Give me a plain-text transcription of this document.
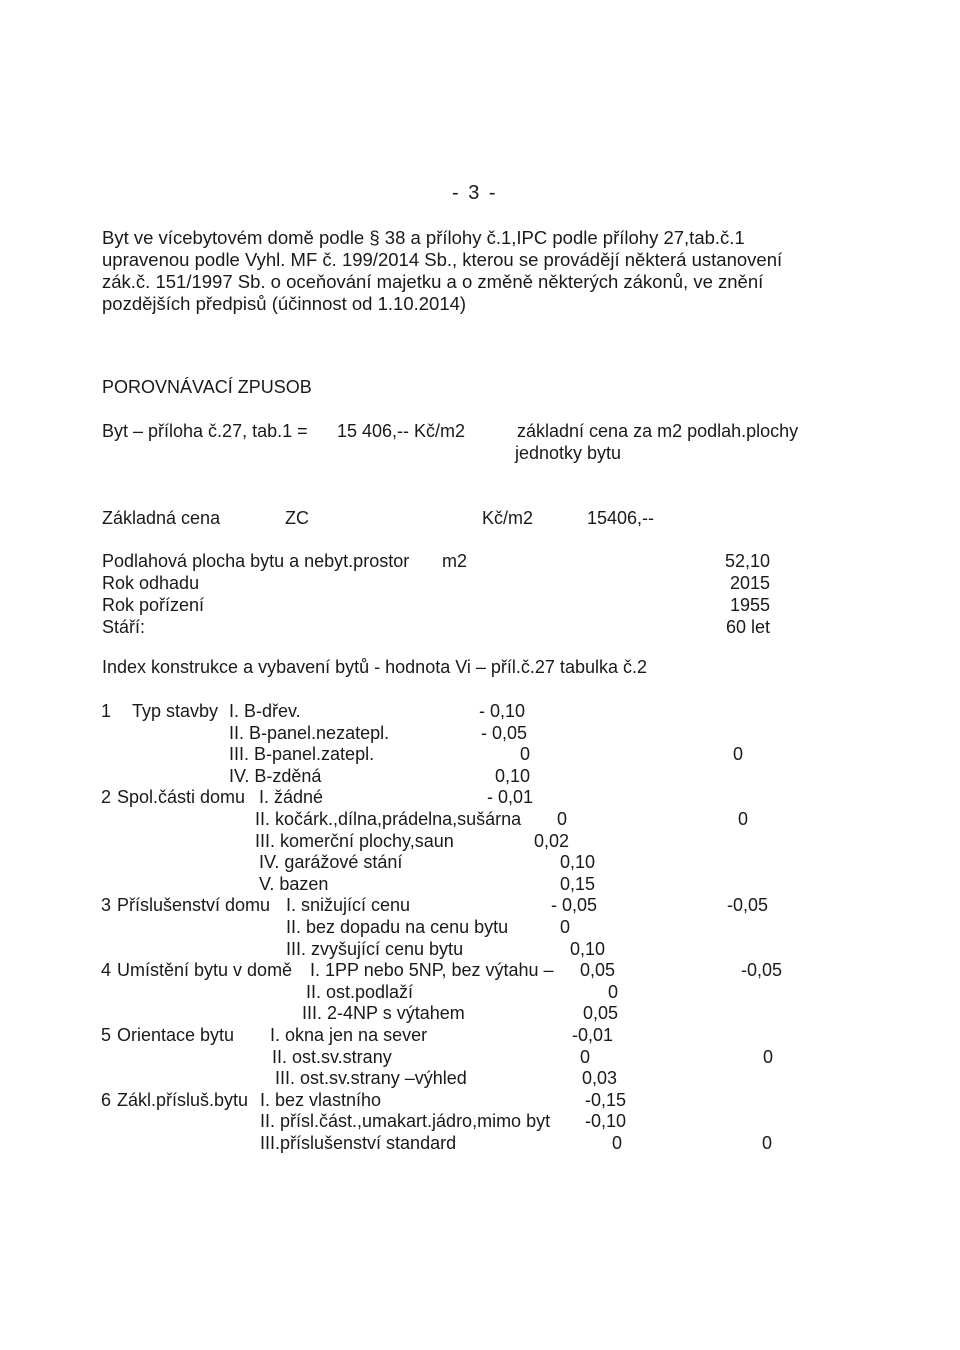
- 3 -
Byt ve vícebytovém domě podle § 38 a přílohy č.1,IPC podle přílohy 27,tab.č.1
upravenou podle Vyhl. MF č. 199/2014 Sb., kterou se provádějí některá ustanovení
zák.č. 151/1997 Sb. o oceňování majetku a o změně některých zákonů, ve znění
pozdějších předpisů (účinnost od 1.10.2014)
POROVNÁVACÍ ZPUSOB
Byt – příloha č.27, tab.1 = 15 406,-- Kč/m2	základní cena za m2 podlah.plochy
jednotky bytu
Základná cena	ZC	Kč/m2	15406,--
Podlahová plocha bytu a nebyt.prostor m2	52,10
Rok odhadu	2015
Rok pořízení	1955
Stáří:	60 let
Index konstrukce a vybavení bytů - hodnota Vi – příl.č.27 tabulka č.2
1 Typ stavby I. B-dřev.	- 0,10
II. B-panel.nezatepl.	- 0,05
III. B-panel.zatepl.	0	0
IV. B-zděná	0,10
2 Spol.části domu I. žádné	- 0,01
II. kočárk.,dílna,prádelna,sušárna 0	0
III. komerční plochy,saun	0,02
IV. garážové stání	0,10
V. bazen	0,15
3 Příslušenství domu I. snižující cenu	- 0,05	-0,05
II. bez dopadu na cenu bytu	0
III. zvyšující cenu bytu	0,10
4 Umístění bytu v domě I. 1PP nebo 5NP, bez výtahu – 0,05	-0,05
II. ost.podlaží	0
III. 2-4NP s výtahem	0,05
5 Orientace bytu I. okna jen na sever	-0,01
II. ost.sv.strany	0	0
III. ost.sv.strany –výhled	0,03
6 Zákl.přísluš.bytu I. bez vlastního	-0,15
II. přísl.část.,umakart.jádro,mimo byt -0,10
III.příslušenství standard	0	0
